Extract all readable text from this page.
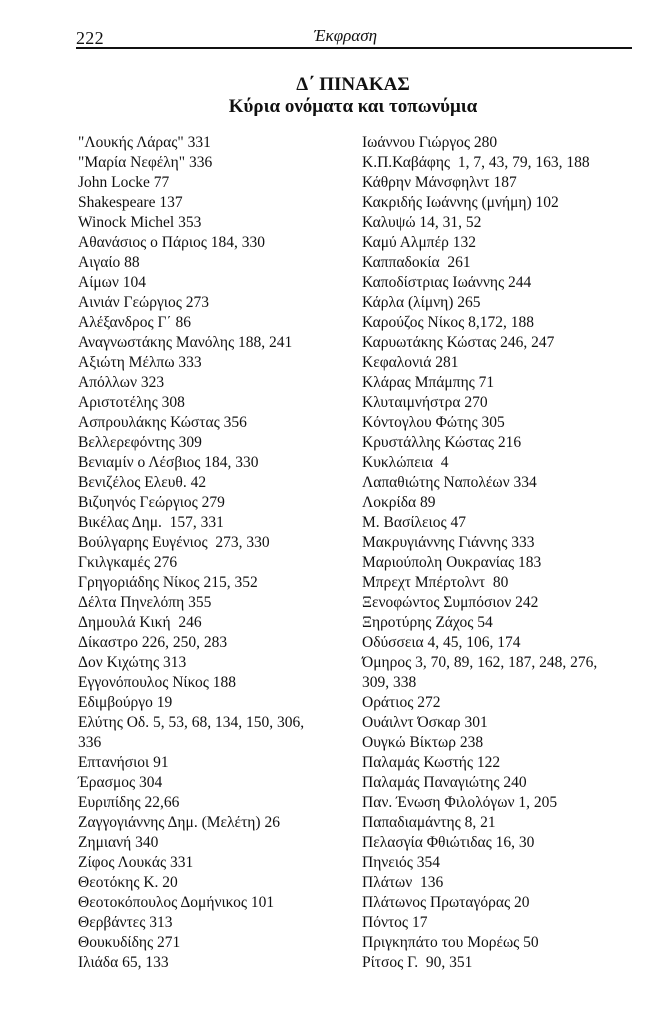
222	Έκφραση

Δ΄ ΠΙΝΑΚΑΣ

Κύρια ονόματα και τοπωνύμια

"Λουκής Λάρας" 331
"Μαρία Νεφέλη" 336
John Locke 77
Shakespeare 137
Winock Michel 353
Αθανάσιος ο Πάριος 184, 330
Αιγαίο 88
Αίμων 104
Αινιάν Γεώργιος 273
Αλέξανδρος Γ΄ 86
Αναγνωστάκης Μανόλης 188, 241
Αξιώτη Μέλπω 333
Απόλλων 323
Αριστοτέλης 308
Ασπρουλάκης Κώστας 356
Βελλερεφόντης 309
Βενιαμίν ο Λέσβιος 184, 330
Βενιζέλος Ελευθ. 42
Βιζυηνός Γεώργιος 279
Βικέλας Δημ.  157, 331
Βούλγαρης Ευγένιος  273, 330
Γκιλγκαμές 276
Γρηγοριάδης Νίκος 215, 352
Δέλτα Πηνελόπη 355
Δημουλά Κική  246
Δίκαστρο 226, 250, 283
Δον Κιχώτης 313
Εγγονόπουλος Νίκος 188
Εδιμβούργο 19
Ελύτης Οδ. 5, 53, 68, 134, 150, 306,
336
Επτανήσιοι 91
Έρασμος 304
Ευριπίδης 22,66
Ζαγγογιάννης Δημ. (Μελέτη) 26
Ζημιανή 340
Ζίφος Λουκάς 331
Θεοτόκης Κ. 20
Θεοτοκόπουλος Δομήνικος 101
Θερβάντες 313
Θουκυδίδης 271
Ιλιάδα 65, 133
Ιωάννου Γιώργος 280
Κ.Π.Καβάφης  1, 7, 43, 79, 163, 188
Κάθρην Μάνσφηλντ 187
Κακριδής Ιωάννης (μνήμη) 102
Καλυψώ 14, 31, 52
Καμύ Αλμπέρ 132
Καππαδοκία  261
Καποδίστριας Ιωάννης 244
Κάρλα (λίμνη) 265
Καρούζος Νίκος 8,172, 188
Καρυωτάκης Κώστας 246, 247
Κεφαλονιά 281
Κλάρας Μπάμπης 71
Κλυταιμνήστρα 270
Κόντογλου Φώτης 305
Κρυστάλλης Κώστας 216
Κυκλώπεια  4
Λαπαθιώτης Ναπολέων 334
Λοκρίδα 89
Μ. Βασίλειος 47
Μακρυγιάννης Γιάννης 333
Μαριούπολη Ουκρανίας 183
Μπρεχτ Μπέρτολντ  80
Ξενοφώντος Συμπόσιον 242
Ξηροτύρης Ζάχος 54
Οδύσσεια 4, 45, 106, 174
Όμηρος 3, 70, 89, 162, 187, 248, 276,
309, 338
Οράτιος 272
Ουάιλντ Όσκαρ 301
Ουγκώ Βίκτωρ 238
Παλαμάς Κωστής 122
Παλαμάς Παναγιώτης 240
Παν. Ένωση Φιλολόγων 1, 205
Παπαδιαμάντης 8, 21
Πελασγία Φθιώτιδας 16, 30
Πηνειός 354
Πλάτων  136
Πλάτωνος Πρωταγόρας 20
Πόντος 17
Πριγκηπάτο του Μορέως 50
Ρίτσος Γ.  90, 351
